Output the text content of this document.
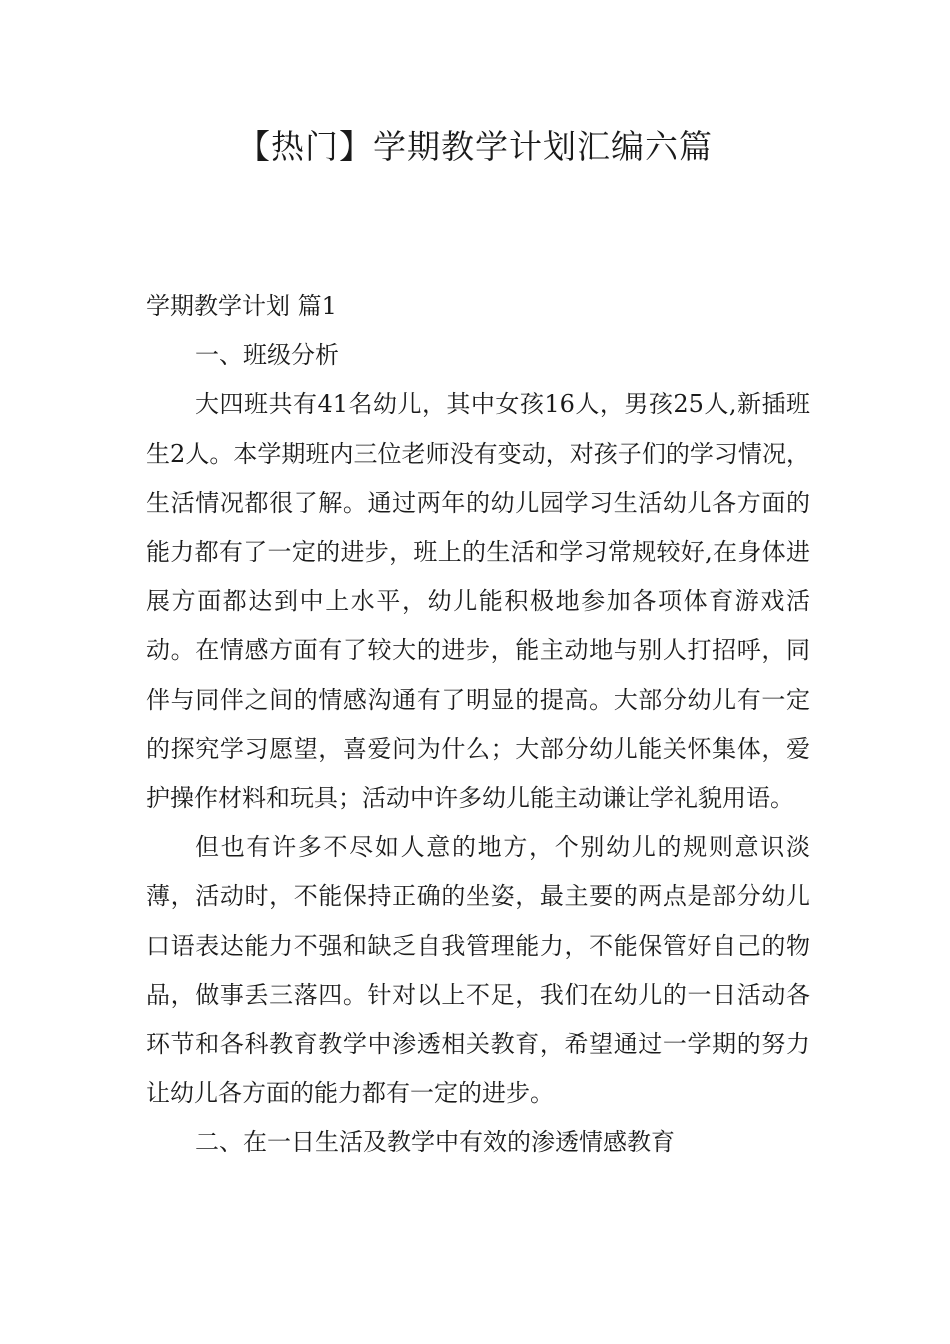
【热门】学期教学计划汇编六篇

学期教学计划 篇1

一、班级分析

大四班共有41名幼儿，其中女孩16人，男孩25人,新插班生2人。本学期班内三位老师没有变动，对孩子们的学习情况，生活情况都很了解。通过两年的幼儿园学习生活幼儿各方面的能力都有了一定的进步，班上的生活和学习常规较好,在身体进展方面都达到中上水平，幼儿能积极地参加各项体育游戏活动。在情感方面有了较大的进步，能主动地与别人打招呼，同伴与同伴之间的情感沟通有了明显的提高。大部分幼儿有一定的探究学习愿望，喜爱问为什么；大部分幼儿能关怀集体，爱护操作材料和玩具；活动中许多幼儿能主动谦让学礼貌用语。

但也有许多不尽如人意的地方，个别幼儿的规则意识淡薄，活动时，不能保持正确的坐姿，最主要的两点是部分幼儿口语表达能力不强和缺乏自我管理能力，不能保管好自己的物品，做事丢三落四。针对以上不足，我们在幼儿的一日活动各环节和各科教育教学中渗透相关教育，希望通过一学期的努力让幼儿各方面的能力都有一定的进步。

二、在一日生活及教学中有效的渗透情感教育
